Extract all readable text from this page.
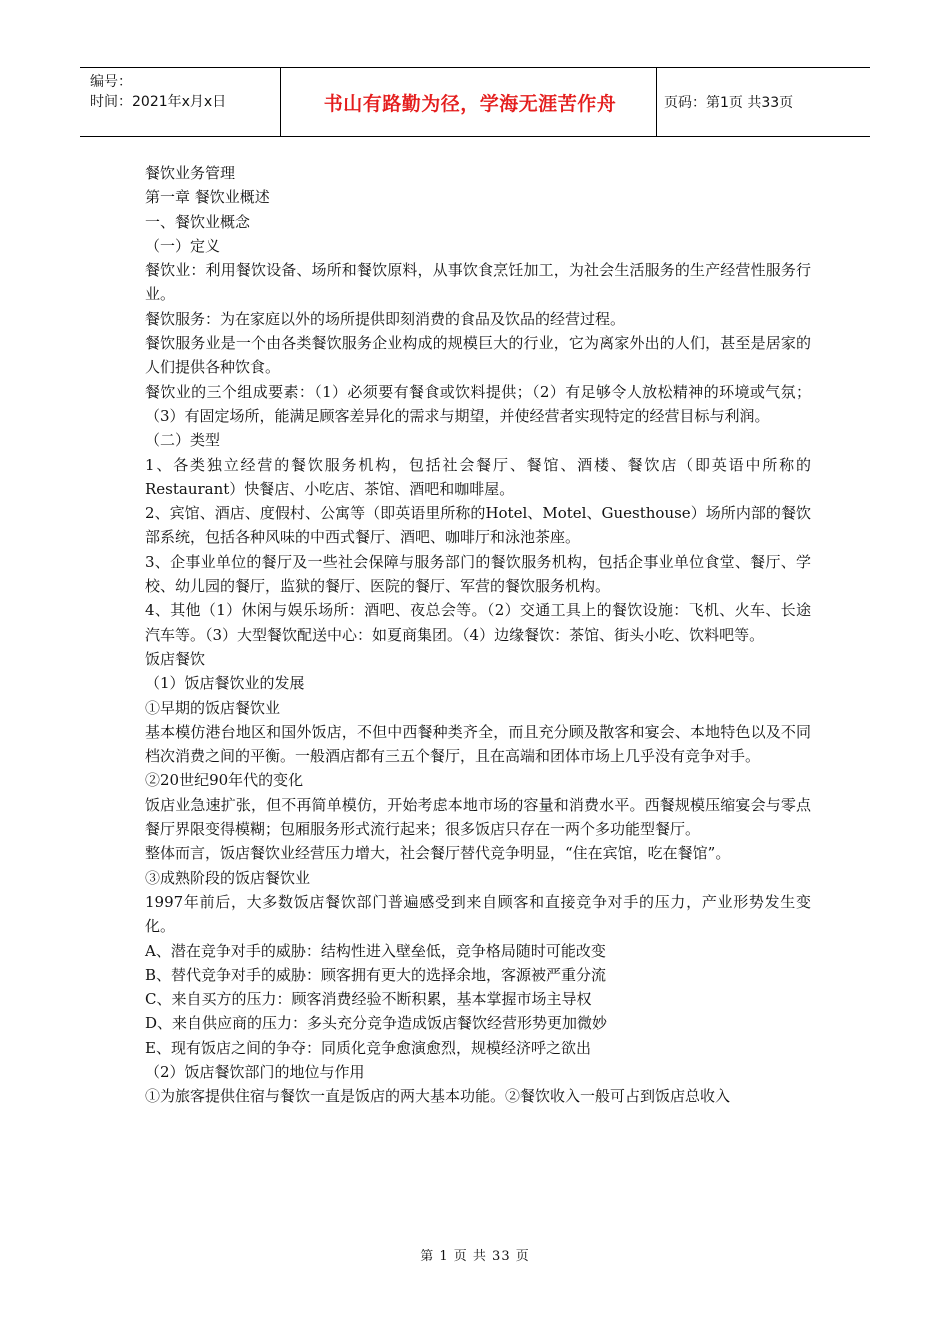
编号：
时间：2021年x月x日	书山有路勤为径，学海无涯苦作舟	页码：第1页 共33页

餐饮业务管理

第一章 餐饮业概述

一、餐饮业概念

（一）定义

餐饮业：利用餐饮设备、场所和餐饮原料，从事饮食烹饪加工，为社会生活服务的生产经营性服务行业。

餐饮服务：为在家庭以外的场所提供即刻消费的食品及饮品的经营过程。

餐饮服务业是一个由各类餐饮服务企业构成的规模巨大的行业，它为离家外出的人们，甚至是居家的人们提供各种饮食。

餐饮业的三个组成要素：（1）必须要有餐食或饮料提供；（2）有足够令人放松精神的环境或气氛；（3）有固定场所，能满足顾客差异化的需求与期望，并使经营者实现特定的经营目标与利润。

（二）类型

1、各类独立经营的餐饮服务机构，包括社会餐厅、餐馆、酒楼、餐饮店（即英语中所称的Restaurant）快餐店、小吃店、茶馆、酒吧和咖啡屋。

2、宾馆、酒店、度假村、公寓等（即英语里所称的Hotel、Motel、Guesthouse）场所内部的餐饮部系统，包括各种风味的中西式餐厅、酒吧、咖啡厅和泳池茶座。

3、企事业单位的餐厅及一些社会保障与服务部门的餐饮服务机构，包括企事业单位食堂、餐厅、学校、幼儿园的餐厅，监狱的餐厅、医院的餐厅、军营的餐饮服务机构。

4、其他（1）休闲与娱乐场所：酒吧、夜总会等。（2）交通工具上的餐饮设施：飞机、火车、长途汽车等。（3）大型餐饮配送中心：如夏商集团。（4）边缘餐饮：茶馆、街头小吃、饮料吧等。

饭店餐饮

（1）饭店餐饮业的发展

①早期的饭店餐饮业

基本模仿港台地区和国外饭店，不但中西餐种类齐全，而且充分顾及散客和宴会、本地特色以及不同档次消费之间的平衡。一般酒店都有三五个餐厅，且在高端和团体市场上几乎没有竞争对手。

②20世纪90年代的变化

饭店业急速扩张，但不再简单模仿，开始考虑本地市场的容量和消费水平。西餐规模压缩宴会与零点餐厅界限变得模糊；包厢服务形式流行起来；很多饭店只存在一两个多功能型餐厅。

整体而言，饭店餐饮业经营压力增大，社会餐厅替代竞争明显，“住在宾馆，吃在餐馆”。

③成熟阶段的饭店餐饮业

1997年前后，大多数饭店餐饮部门普遍感受到来自顾客和直接竞争对手的压力，产业形势发生变化。

A、潜在竞争对手的威胁：结构性进入壁垒低，竞争格局随时可能改变

B、替代竞争对手的威胁：顾客拥有更大的选择余地，客源被严重分流

C、来自买方的压力：顾客消费经验不断积累，基本掌握市场主导权

D、来自供应商的压力：多头充分竞争造成饭店餐饮经营形势更加微妙

E、现有饭店之间的争夺：同质化竞争愈演愈烈，规模经济呼之欲出

（2）饭店餐饮部门的地位与作用

①为旅客提供住宿与餐饮一直是饭店的两大基本功能。②餐饮收入一般可占到饭店总收入

第 1 页 共 33 页
